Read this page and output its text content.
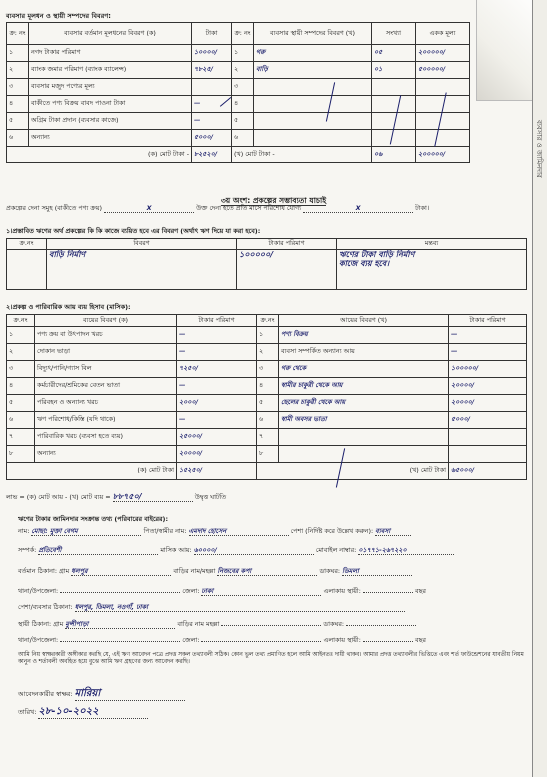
ব্যবসার ও জামিনদার
ব্যবসার মূলধন ও স্থায়ী সম্পদের বিবরণ:
ক্র: নং	ব্যবসার বর্তমান মূলধনের বিবরণ (ক)	টাকা	ক্র: নং	ব্যবসার স্থায়ী সম্পদের বিবরণ (খ)	সংখ্যা	একক মূল্য
১	নগদ টাকার পরিমাণ	১০০০০/	১	গরু	০৫	২০০০০০/
২	ব্যাংক জমার পরিমাণ (ব্যাংক ব্যালেন্স)	৭৮২৫/	২	বাড়ি	০১	৫০০০০০/
৩	ব্যবসার মজুদ পণ্যের মূল্য		৩			
৪	বাকীতে পণ্য বিক্রয় বাবদ পাওনা টাকা	—	৪			
৫	অগ্রিম টাকা প্রদান (ব্যবসার কাজে)	—	৫			
৬	অন্যান্য	৫০০০/	৬			
(ক) মোট টাকা -		৮২৫২০/	(খ) মোট টাকা -		০৬	২০০০০০/
৩য় অংশ: প্রকল্পের সম্ভাব্যতা যাচাই
প্রকল্পের দেনা সমুহ (বাকীতে পণ্য ক্রয়)	X	উক্ত দেনা হতে প্রতি মাসে পরিশোধ যোগ্য	X	টাকা।
১।প্রস্তাবিত ঋণের অর্থ প্রকল্পের কি কি কাজে ব্যয়িত হবে এর বিবরণ (অর্থাৎ ঋণ দিয়ে যা করা হবে):
ক্র.নং	বিবরণ	টাকার পরিমাণ	মন্তব্য
	বাড়ি নির্মাণ	১০০০০০/	ঋণের টাকা বাড়ি নির্মাণ
কাজে ব্যয় হবে।
২।প্রকল্প ও পারিবারিক আয় ব্যয় হিসাব (মাসিক):
ক্র.নং	ব্যয়ের বিবরণ (ক)	টাকার পরিমাণ	ক্র.নং	আয়ের বিবরণ (খ)	টাকার পরিমাণ
১	পণ্য ক্রয় বা উৎপাদন খরচ	—	১	পণ্য বিক্রয়	—
২	দোকান ভাড়া	—	২	ব্যবসা সম্পর্কিত অন্যান্য আয়	—
৩	বিদ্যুৎ/পানি/গ্যাস বিল	৭২৫০/	৩	গরু থেকে	১০০০০০/
৪	কর্মচারীদের/শ্রমিকের বেতন ভাতা	—	৪	স্বামীর চাকুরী থেকে আয়	২০০০০/
৫	পরিবহন ও অন্যান্য খরচ	২০০০/	৫	ছেলের চাকুরী থেকে আয়	২০০০০/
৬	ঋণ পরিশোধ/কিস্তি (যদি থাকে)	—	৬	স্বামী অবসর ভাতা	৫০০০/
৭	পারিবারিক খরচ (ব্যবসা হতে ব্যয়)	২৫০০০/	৭		
৮	অন্যান্য	২০০০০/	৮		
(ক) মোট টাকা		১৫২৫০/	(খ) মোট টাকা		৬৫০০০/
লাভ = (ক) মোট আয় - (খ) মোট ব্যয় = ৮৮৭৫০/	উদ্বৃত্ত ঘাটতি
ঋণের টাকার জামিনদার সংক্রান্ত তথ্য (পরিবারের বাইরের):
নাম: মোছা: মুক্তা বেগম	পিতা/স্বামীর নাম: এমদাদ হোসেন	পেশা (নির্দিষ্ট করে উল্লেখ করুন): ব্যবসা
সম্পর্ক: প্রতিবেশী	মাসিক আয়: ৬০০০০/	মোবাইল নাম্বার: ০১৭৭১-২৬৭২২০
বর্তমান ঠিকানা: গ্রাম ধলপুর	বাড়ির নাম/মহল্লা নিজবের কপা	ডাকঘর: ডিমলা
থানা/উপজেলা:	জেলা: ঢাকা	এলাকায় স্থায়ী:	বছর
পেশা/ব্যবসার ঠিকানা: ধলপুর, ডিমলা, নওগাঁ, ঢাকা
স্থায়ী ঠিকানা: গ্রাম মুন্সীপাড়া	বাড়ির নাম মহল্লা	ডাকঘর:
থানা/উপজেলা:	জেলা:	এলাকায় স্থায়ী:	বছর
আমি নিয় স্বাক্ষরকারী অঙ্গীকার করছি যে, এই ঋণ আবেদন পত্রে প্রদত্ত সকল তথ্যাবলী সঠিক। কোন ভুল তথ্য প্রমাণিত হলে আমি আইনতঃ দায়ী থাকব। আমার প্রদত্ত তথ্যাবলীর ভিত্তিতে এবং শর্ত ফাউন্ডেশনের যাবতীয় নিয়ম কানুন ও শর্তাবলী অবহিত হয়ে বুঝে আমি ঋণ গ্রহণের জন্য আবেদন করছি।
আবেদনকারীর স্বাক্ষর: মারিয়া
তারিখ: ২৮-১০-২০২২
